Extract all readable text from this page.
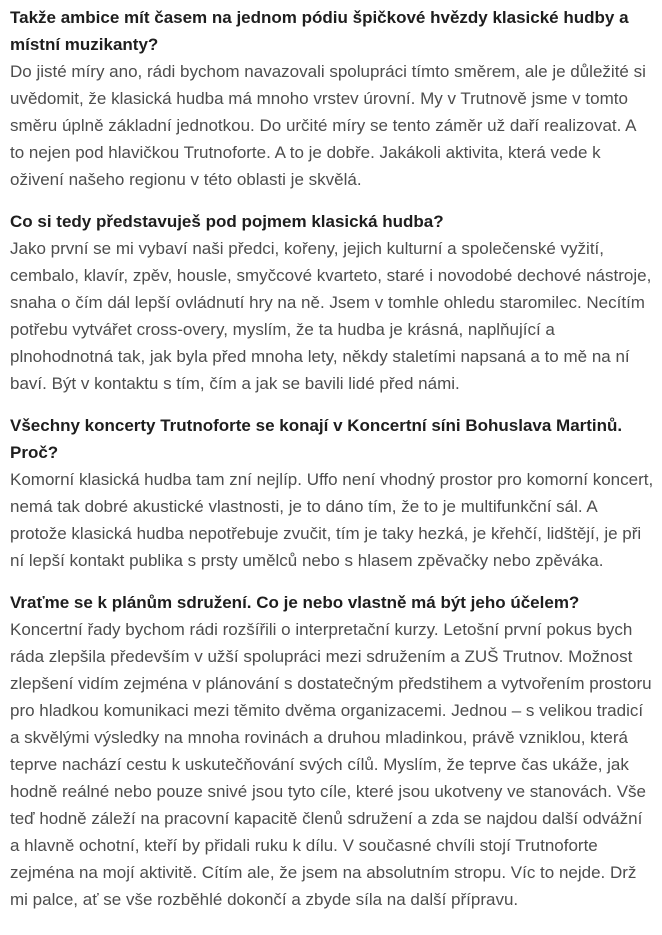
Takže ambice mít časem na jednom pódiu špičkové hvězdy klasické hudby a místní muzikanty?

Do jisté míry ano, rádi bychom navazovali spolupráci tímto směrem, ale je důležité si uvědomit, že klasická hudba má mnoho vrstev úrovní. My v Trutnově jsme v tomto směru úplně základní jednotkou. Do určité míry se tento záměr už daří realizovat. A to nejen pod hlavičkou Trutnoforte. A to je dobře. Jakákoli aktivita, která vede k oživení našeho regionu v této oblasti je skvělá.

Co si tedy představuješ pod pojmem klasická hudba?

Jako první se mi vybaví naši předci, kořeny, jejich kulturní a společenské vyžití, cembalo, klavír, zpěv, housle, smyčcové kvarteto, staré i novodobé dechové nástroje, snaha o čím dál lepší ovládnutí hry na ně. Jsem v tomhle ohledu staromilec. Necítím potřebu vytvářet cross-overy, myslím, že ta hudba je krásná, naplňující a plnohodnotná tak, jak byla před mnoha lety, někdy staletími napsaná a to mě na ní baví. Být v kontaktu s tím, čím a jak se bavili lidé před námi.

Všechny koncerty Trutnoforte se konají v Koncertní síni Bohuslava Martinů. Proč?

Komorní klasická hudba tam zní nejlíp. Uffo není vhodný prostor pro komorní koncert, nemá tak dobré akustické vlastnosti, je to dáno tím, že to je multifunkční sál. A protože klasická hudba nepotřebuje zvučit, tím je taky hezká, je křehčí, lidštějí, je při ní lepší kontakt publika s prsty umělců nebo s hlasem zpěvačky nebo zpěváka.

Vraťme se k plánům sdružení. Co je nebo vlastně má být jeho účelem?

Koncertní řady bychom rádi rozšířili o interpretační kurzy. Letošní první pokus bych ráda zlepšila především v užší spolupráci mezi sdružením a ZUŠ Trutnov. Možnost zlepšení vidím zejména v plánování s dostatečným předstihem a vytvořením prostoru pro hladkou komunikaci mezi těmito dvěma organizacemi. Jednou – s velikou tradicí a skvělými výsledky na mnoha rovinách a druhou mladinkou, právě vzniklou, která teprve nachází cestu k uskutečňování svých cílů. Myslím, že teprve čas ukáže, jak hodně reálné nebo pouze snivé jsou tyto cíle, které jsou ukotveny ve stanovách. Vše teď hodně záleží na pracovní kapacitě členů sdružení a zda se najdou další odvážní a hlavně ochotní, kteří by přidali ruku k dílu. V současné chvíli stojí Trutnoforte zejména na mojí aktivitě. Cítím ale, že jsem na absolutním stropu. Víc to nejde. Drž mi palce, ať se vše rozběhlé dokončí a zbyde síla na další přípravu.
